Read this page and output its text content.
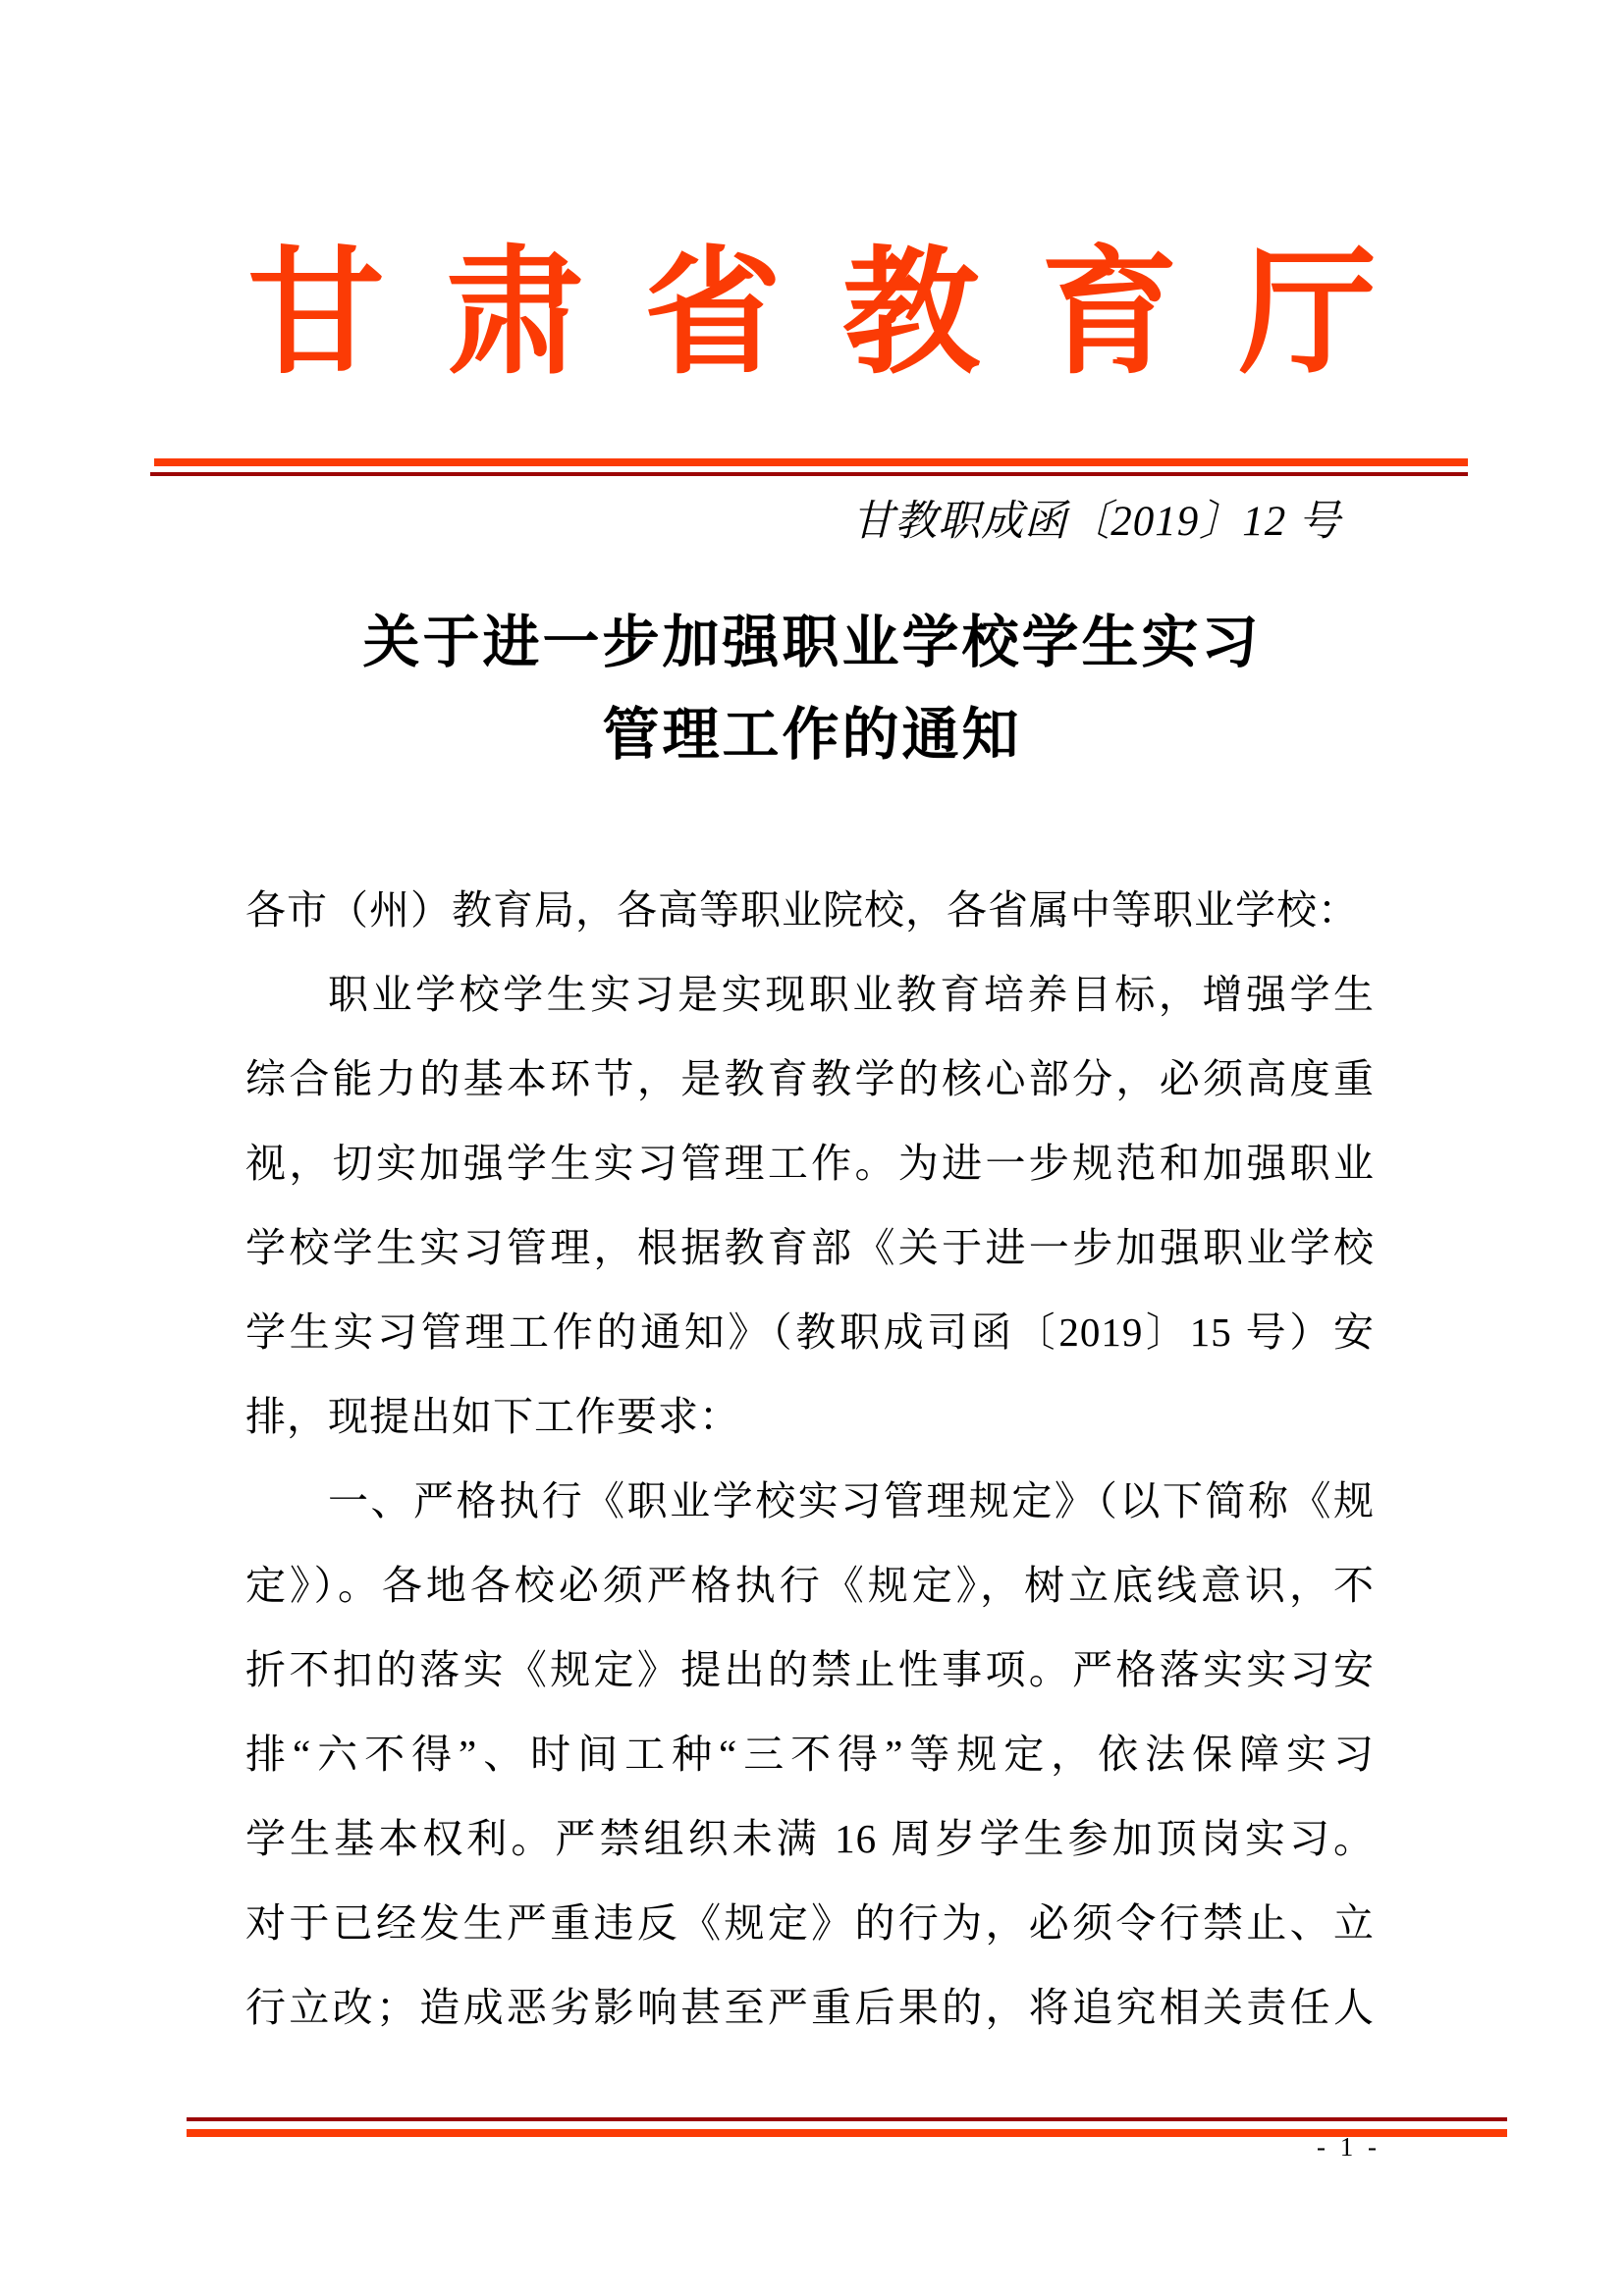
甘肃省教育厅
甘教职成函〔2019〕12 号
关于进一步加强职业学校学生实习
管理工作的通知
各市（州）教育局，各高等职业院校，各省属中等职业学校：
职业学校学生实习是实现职业教育培养目标，增强学生
综合能力的基本环节，是教育教学的核心部分，必须高度重
视，切实加强学生实习管理工作。为进一步规范和加强职业
学校学生实习管理，根据教育部《关于进一步加强职业学校
学生实习管理工作的通知》（教职成司函〔2019〕15 号）安
排，现提出如下工作要求：
一、严格执行《职业学校实习管理规定》（以下简称《规
定》）。各地各校必须严格执行《规定》，树立底线意识，不
折不扣的落实《规定》提出的禁止性事项。严格落实实习安
排“六不得”、时间工种“三不得”等规定，依法保障实习
学生基本权利。严禁组织未满 16 周岁学生参加顶岗实习。
对于已经发生严重违反《规定》的行为，必须令行禁止、立
行立改；造成恶劣影响甚至严重后果的，将追究相关责任人
- 1 -
